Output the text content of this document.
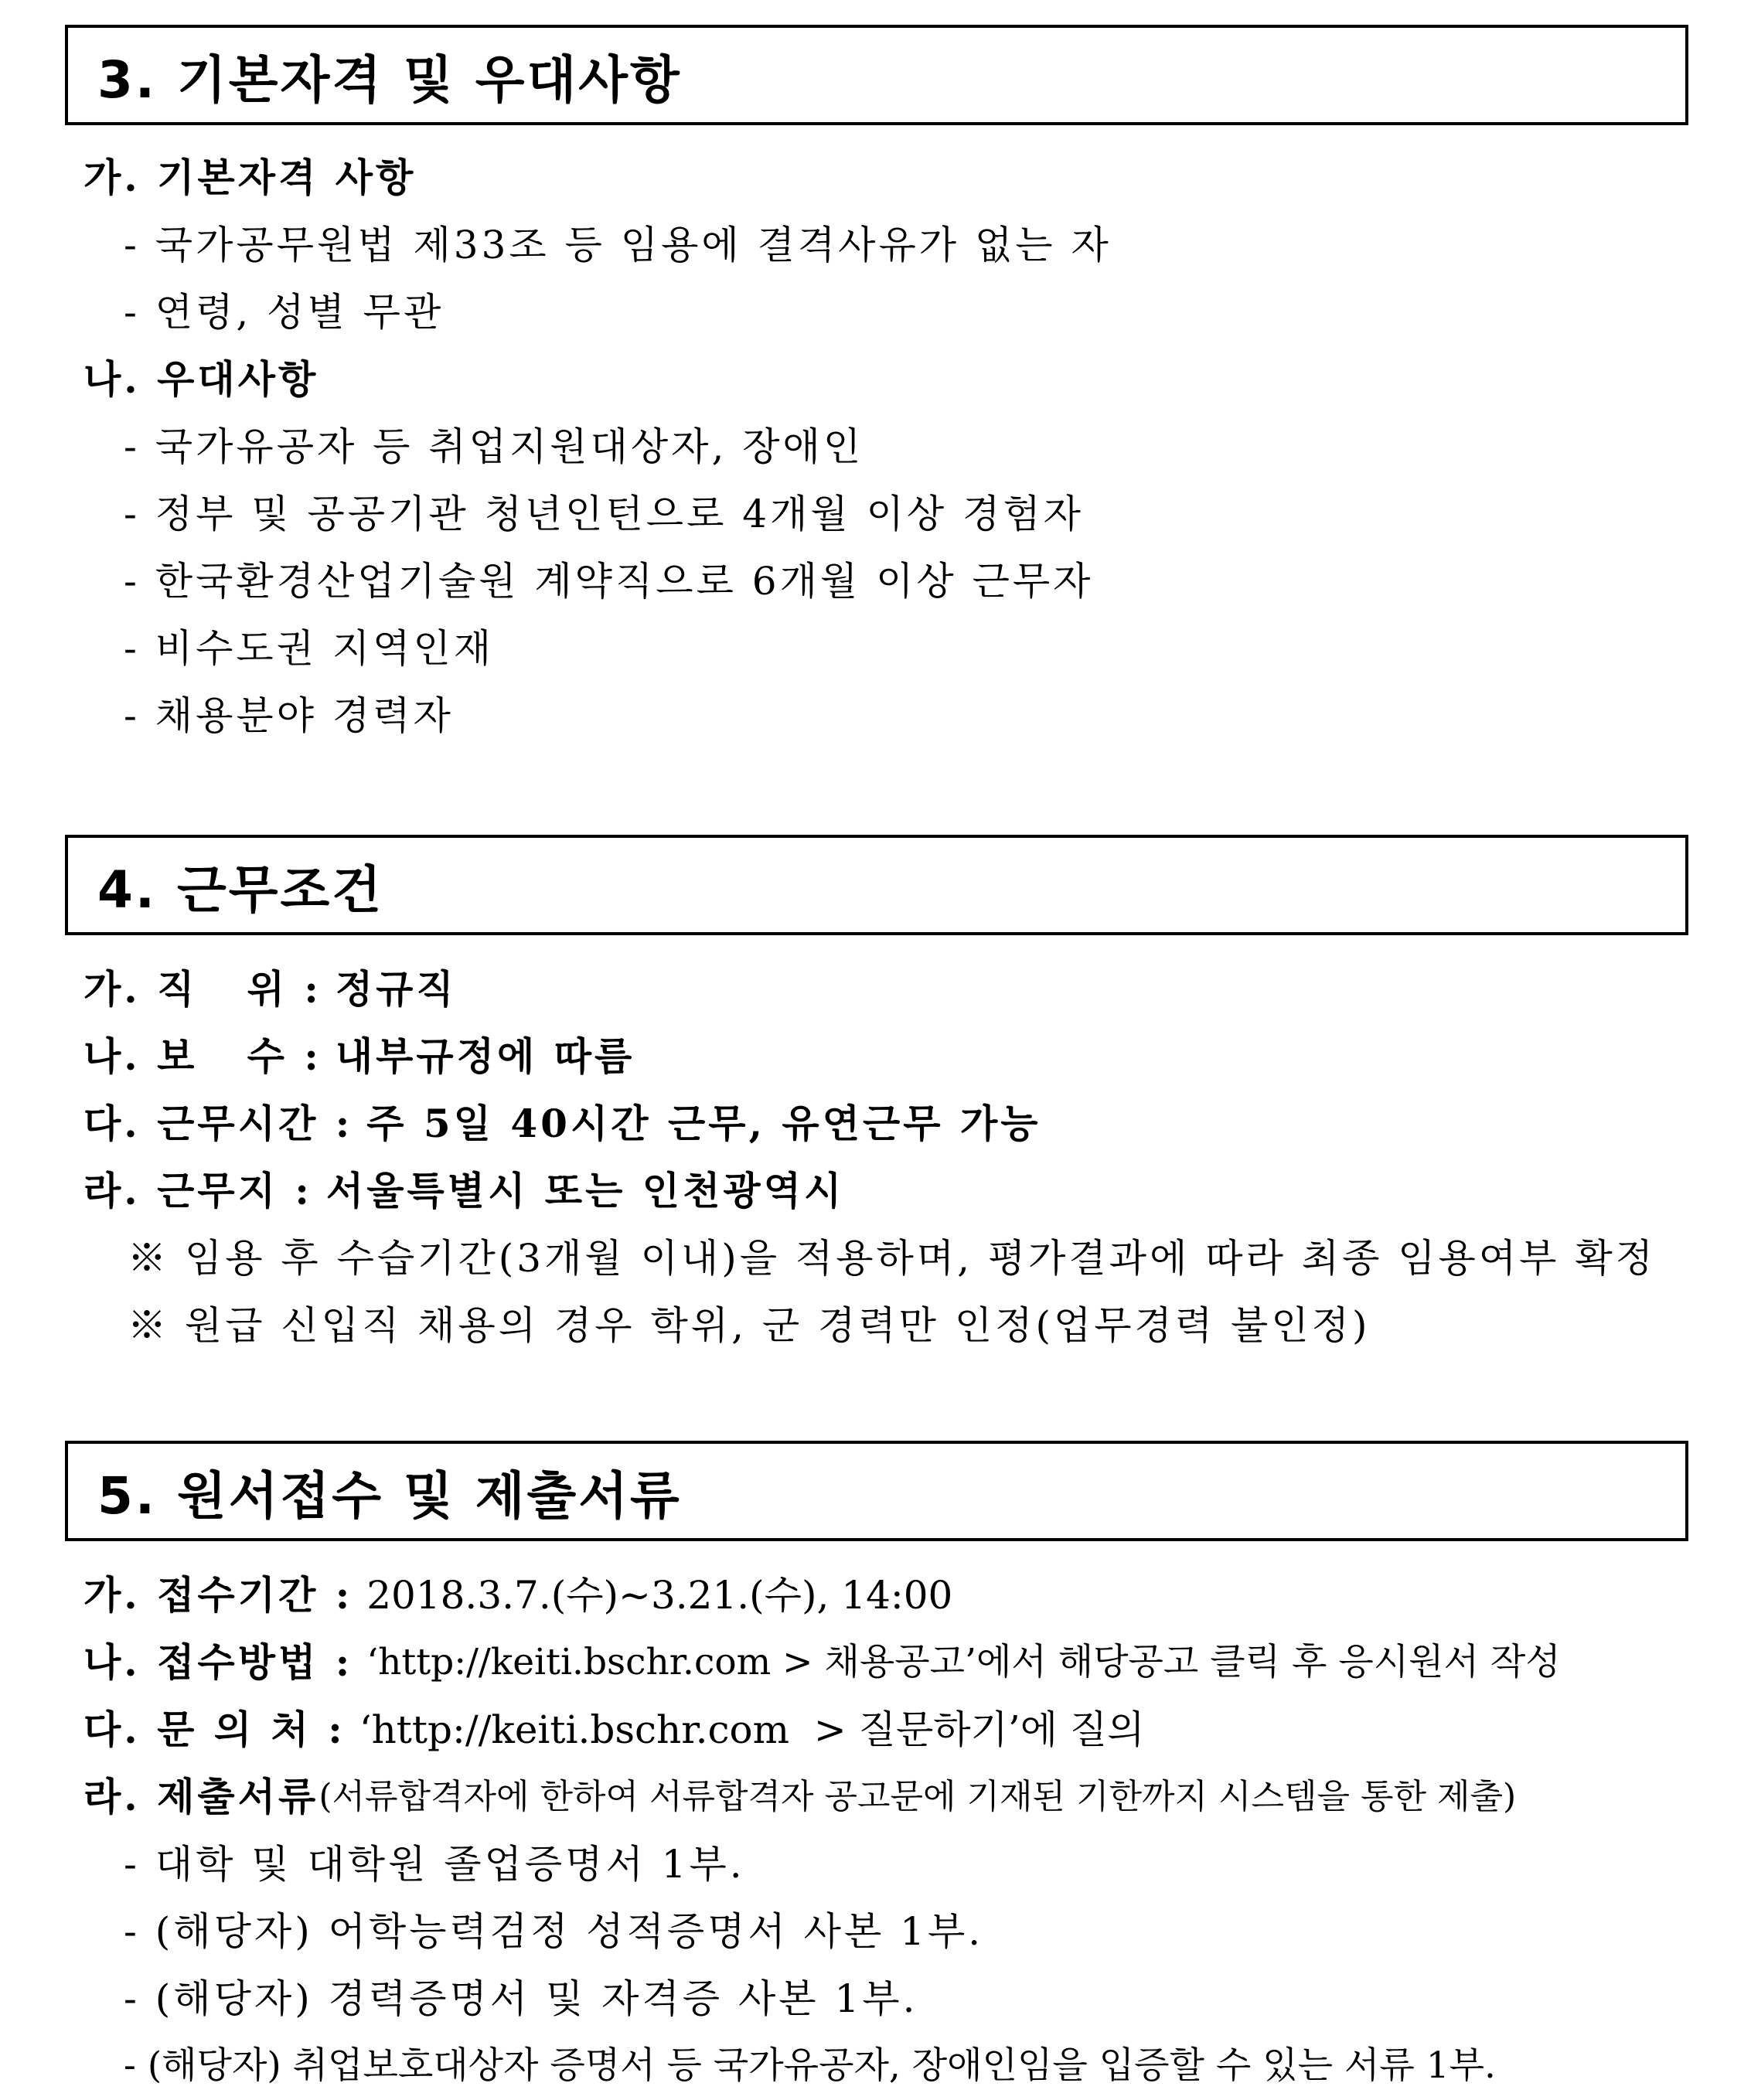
3. 기본자격 및 우대사항
가. 기본자격 사항
- 국가공무원법 제33조 등 임용에 결격사유가 없는 자
- 연령, 성별 무관
나. 우대사항
- 국가유공자 등 취업지원대상자, 장애인
- 정부 및 공공기관 청년인턴으로 4개월 이상 경험자
- 한국환경산업기술원 계약직으로 6개월 이상 근무자
- 비수도권 지역인재
- 채용분야 경력자
4. 근무조건
가. 직   위 : 정규직
나. 보   수 : 내부규정에 따름
다. 근무시간 : 주 5일 40시간 근무, 유연근무 가능
라. 근무지 : 서울특별시 또는 인천광역시
※ 임용 후 수습기간(3개월 이내)을 적용하며, 평가결과에 따라 최종 임용여부 확정
※ 원급 신입직 채용의 경우 학위, 군 경력만 인정(업무경력 불인정)
5. 원서접수 및 제출서류
가. 접수기간 : 2018.3.7.(수)∼3.21.(수), 14:00
나. 접수방법 : ‘http://keiti.bschr.com > 채용공고’에서 해당공고 클릭 후 응시원서 작성
다. 문 의 처 : ‘http://keiti.bschr.com  > 질문하기’에 질의
라. 제출서류 (서류합격자에 한하여 서류합격자 공고문에 기재된 기한까지 시스템을 통한 제출)
- 대학 및 대학원 졸업증명서 1부.
- (해당자) 어학능력검정 성적증명서 사본 1부.
- (해당자) 경력증명서 및 자격증 사본 1부.
- (해당자) 취업보호대상자 증명서 등 국가유공자, 장애인임을 입증할 수 있는 서류 1부.
